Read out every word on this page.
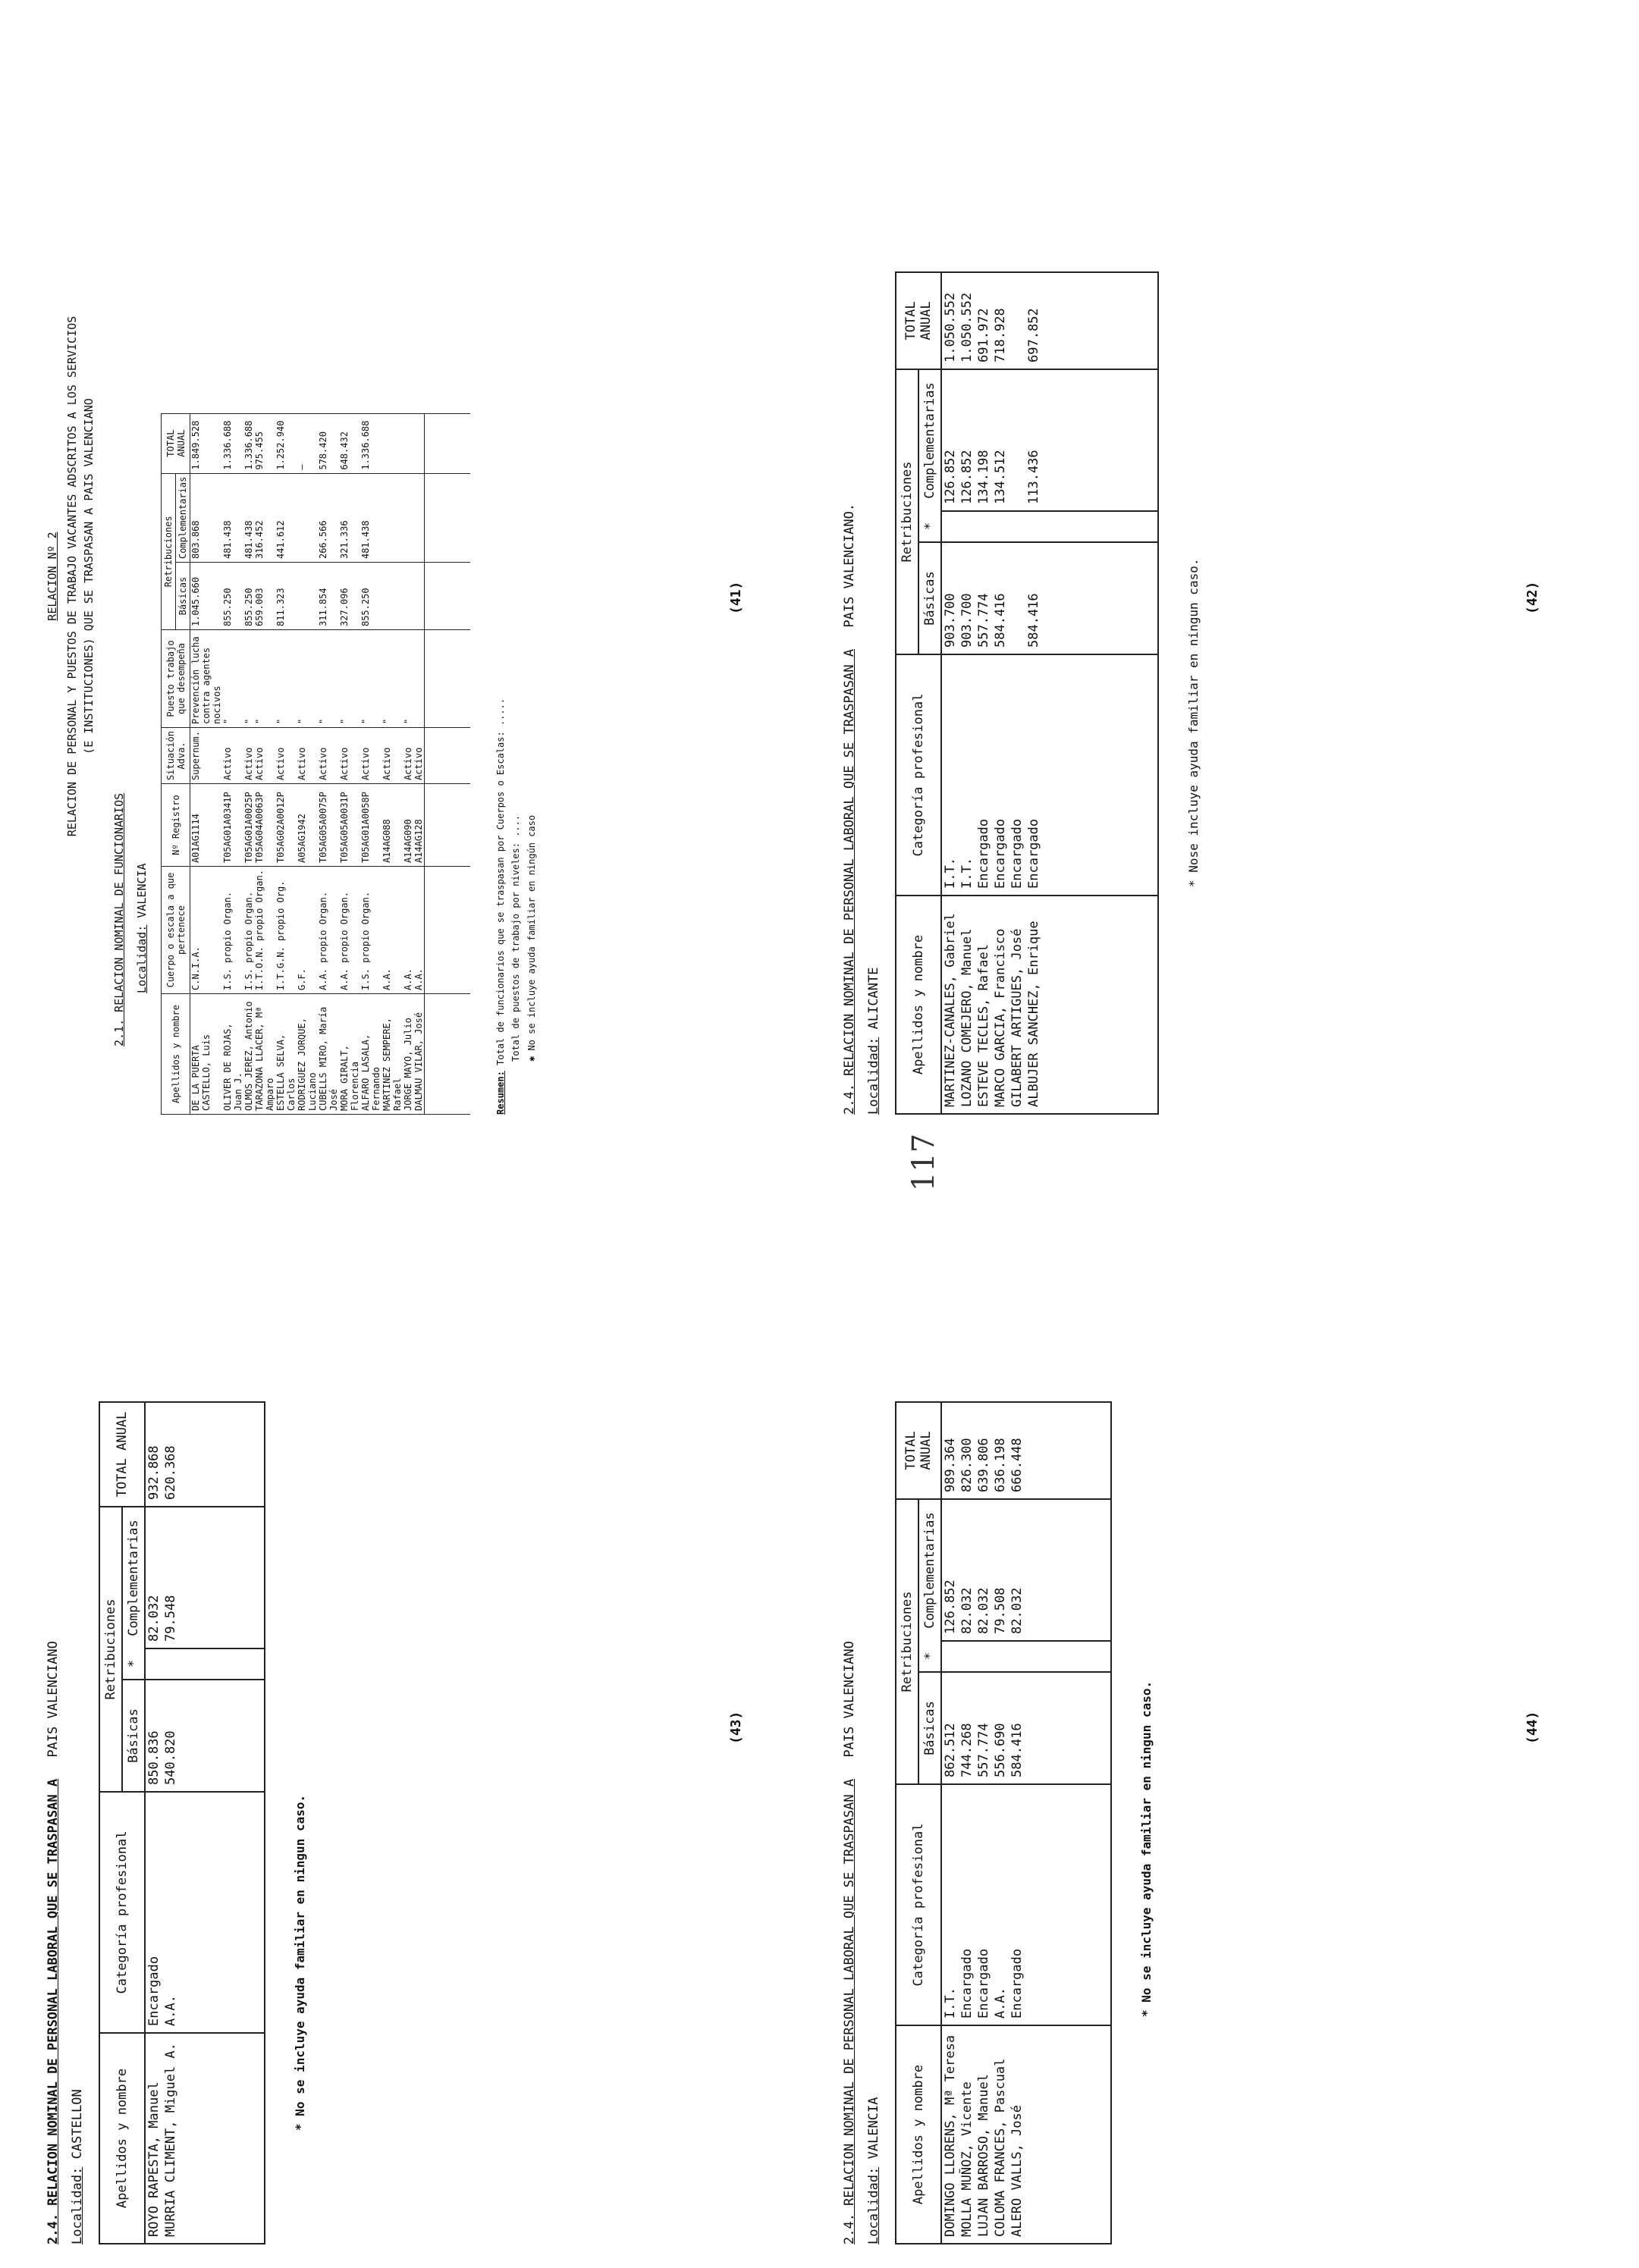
RELACION Nº 2 RELACION DE PERSONAL Y PUESTOS DE TRABAJO VACANTES ADSCRITOS A LOS SERVICIOS (E INSTITUCIONES) QUE SE TRASPASAN A PAIS VALENCIANO
2.1. RELACION NOMINAL DE FUNCIONARIOS Localidad: VALENCIA
Apellidos y nombre	Cuerpo o escala a que pertenece	Nº Registro	Situación Adva.	Puesto trabajo que desempeña	Retribuciones		TOTAL ANUAL
					Básicas	Complementarias	
DE LA PUERTA CASTELLO, Luis	C.N.I.A.	A01AG1114	Supernum.	Prevención lucha contra agentes nocivos	1.045.660	803.868	1.849.528
OLIVER DE ROJAS, Juan J.	I.S. propio Organ.	T05AG01A0341P	Activo	"	855.250	481.438	1.336.688
OLMOS JEREZ, Antonio	I.S. propio Organ.	T05AG01A0025P	Activo	"	855.250	481.438	1.336.688
TARAZONA LLACER, Mª Amparo	I.T.O.N. propio Organ.	T05AG04A0063P	Activo	"	659.003	316.452	975.455
ESTELLA SELVA, Carlos	I.T.G.N. propio Org.	T05AG02A0012P	Activo	"	811.323	441.612	1.252.940
RODRIGUEZ JORQUE, Luciano	G.F.	A05AG1942	Activo	"			—
CUBELLS MIRO, María José	A.A. propio Organ.	T05AG05A0075P	Activo	"	311.854	266.566	578.420
MORA GIRALT, Florencia	A.A. propio Organ.	T05AG05A0031P	Activo	"	327.096	321.336	648.432
ALFARO LASALA, Fernando	I.S. propio Organ.	T05AG01A0058P	Activo	"	855.250	481.438	1.336.688
MARTINEZ SEMPERE, Rafael	A.A.	A14AG088	Activo	"			
JORGE MAYO, Julio	A.A.	A14AG090	Activo	"			
DALMAU VILAR, José	A.A.	A14AG128	Activo				

Resumen: Total de funcionarios que se traspasan por Cuerpos o Escalas: ..... Total de puestos de trabajo por niveles: .... ✱ No se incluye ayuda familiar en ningún caso
(41)
2.4. RELACION NOMINAL DE PERSONAL LABORAL QUE SE TRASPASAN A PAIS VALENCIANO.
Localidad: ALICANTE Apellidos y nombre	Categoría profesional	Retribuciones			TOTAL ANUAL
		Básicas	*	Complementarias	
MARTINEZ-CANALES, Gabriel	I.T.	903.700		126.852	1.050.552
LOZANO COMEJERO, Manuel	I.T.	903.700		126.852	1.050.552
ESTEVE TECLES, Rafael	Encargado	557.774		134.198	691.972
MARCO GARCIA, Francisco	Encargado	584.416		134.512	718.928
GILABERT ARTIGUES, José	Encargado				
ALBUJER SANCHEZ, Enrique	Encargado	584.416		113.436	697.852

* Nose incluye ayuda familiar en ningun caso.	(42)
2.4. RELACION NOMINAL DE PERSONAL LABORAL QUE SE TRASPASAN A PAIS VALENCIANO
Localidad: CASTELLON Apellidos y nombre	Categoría profesional	Retribuciones			TOTAL ANUAL
		Básicas	*	Complementarias	
ROYO RAPESTA, Manuel	Encargado	850.836		82.032	932.868
MURRIA CLIMENT, Miguel A.	A.A.	540.820		79.548	620.368

* No se incluye ayuda familiar en ningun caso.
(43)
2.4. RELACION NOMINAL DE PERSONAL LABORAL QUE SE TRASPASAN A PAIS VALENCIANO
Localidad: VALENCIA Apellidos y nombre	Categoría profesional	Retribuciones			TOTAL ANUAL
		Básicas	*	Complementarias	
DOMINGO LLORENS, Mª Teresa	I.T.	862.512		126.852	989.364
MOLLA MUÑOZ, Vicente	Encargado	744.268		82.032	826.300
LUJAN BARROSO, Manuel	Encargado	557.774		82.032	639.806
COLOMA FRANCES, Pascual	A.A.	556.690		79.508	636.198
ALERO VALLS, José	Encargado	584.416		82.032	666.448

* No se incluye ayuda familiar en ningun caso.	(44)
117
